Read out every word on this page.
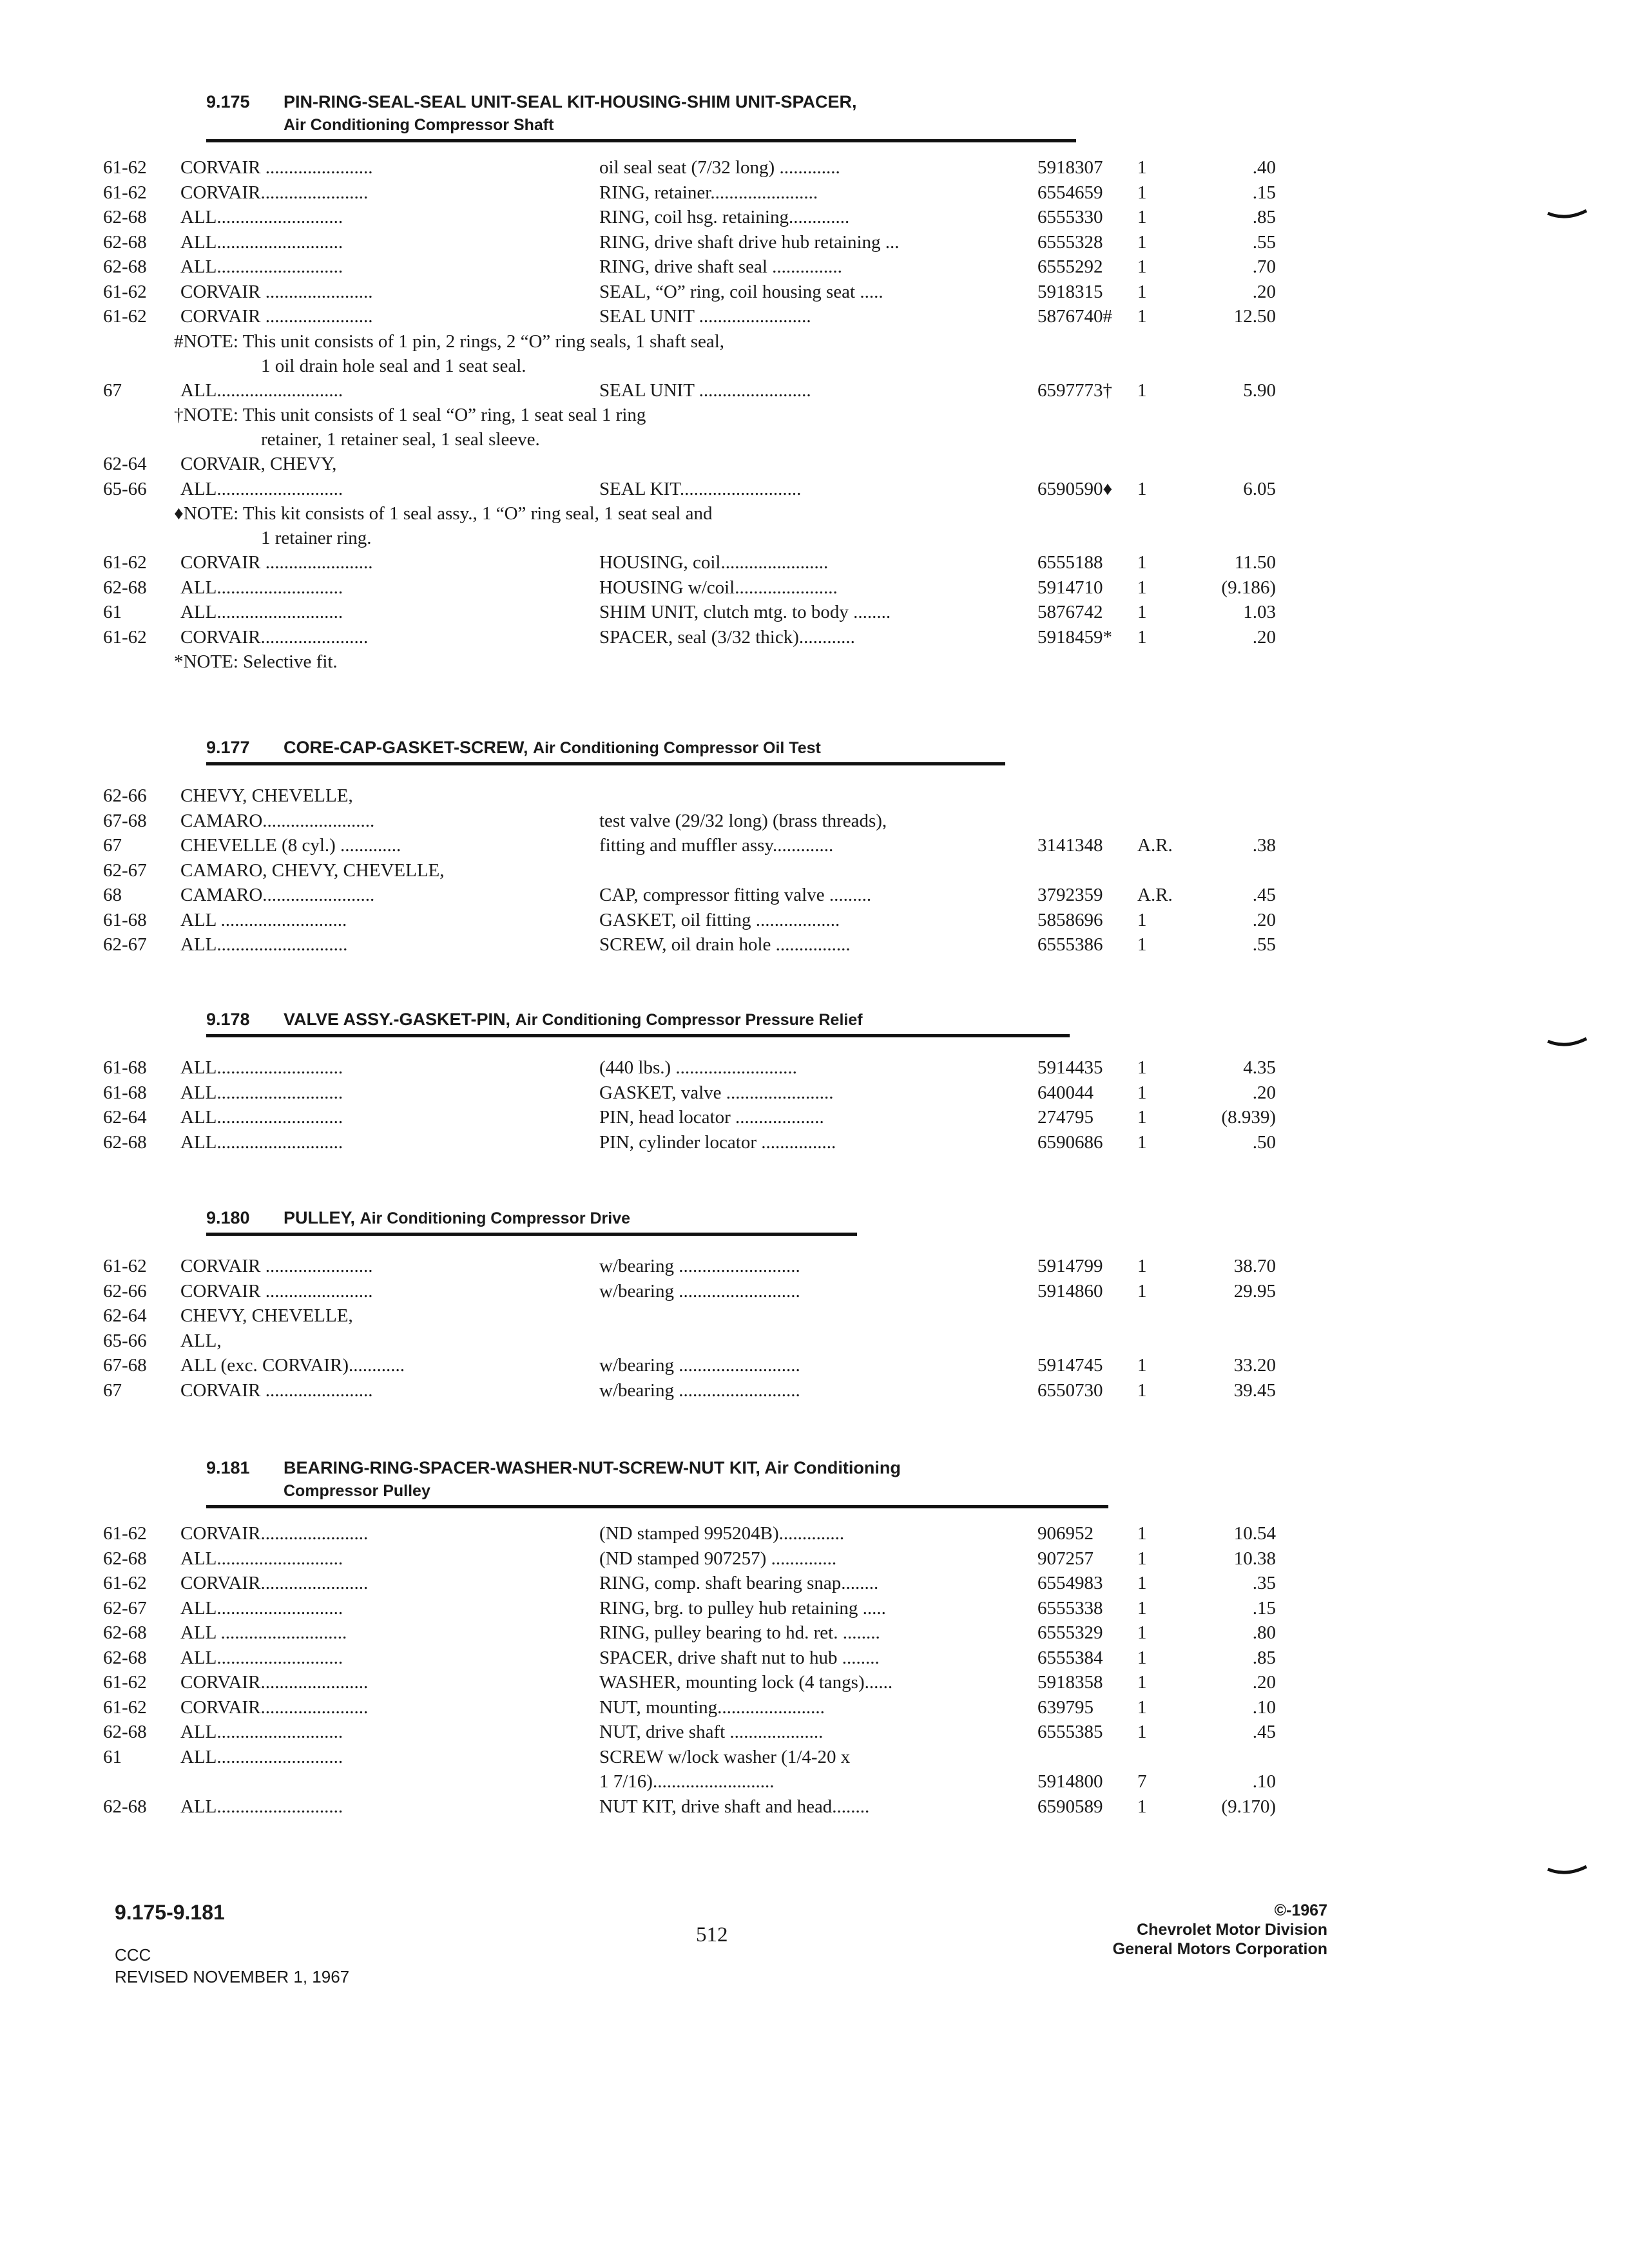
9.175 PIN-RING-SEAL-SEAL UNIT-SEAL KIT-HOUSING-SHIM UNIT-SPACER,
Air Conditioning Compressor Shaft
61-62 CORVAIR .......................	oil seal seat (7/32 long) .............	5918307 1	.40
61-62 CORVAIR.......................	RING, retainer.......................	6554659 1	.15
62-68 ALL...........................	RING, coil hsg. retaining.............	6555330 1	.85
62-68 ALL...........................	RING, drive shaft drive hub retaining ...	6555328 1	.55
62-68 ALL...........................	RING, drive shaft seal ...............	6555292 1	.70
61-62 CORVAIR .......................	SEAL, “O” ring, coil housing seat .....	5918315 1	.20
61-62 CORVAIR .......................	SEAL UNIT ........................	5876740# 1	12.50
#NOTE: This unit consists of 1 pin, 2 rings, 2 “O” ring seals, 1 shaft seal,
1 oil drain hole seal and 1 seat seal.
67	ALL...........................	SEAL UNIT ........................	6597773† 1	5.90
†NOTE: This unit consists of 1 seal “O” ring, 1 seat seal 1 ring
retainer, 1 retainer seal, 1 seal sleeve.
62-64 CORVAIR, CHEVY,
65-66 ALL...........................	SEAL KIT..........................	6590590♦ 1	6.05
♦NOTE: This kit consists of 1 seal assy., 1 “O” ring seal, 1 seat seal and
1 retainer ring.
61-62 CORVAIR .......................	HOUSING, coil.......................	6555188 1	11.50
62-68 ALL...........................	HOUSING w/coil......................	5914710 1	(9.186)
61	ALL...........................	SHIM UNIT, clutch mtg. to body ........	5876742 1	1.03
61-62 CORVAIR.......................	SPACER, seal (3/32 thick)............	5918459* 1	.20
*NOTE: Selective fit.
9.177 CORE-CAP-GASKET-SCREW, Air Conditioning Compressor Oil Test
62-66 CHEVY, CHEVELLE,
67-68 CAMARO........................	test valve (29/32 long) (brass threads),
67	CHEVELLE (8 cyl.) .............	fitting and muffler assy.............	3141348 A.R.	.38
62-67 CAMARO, CHEVY, CHEVELLE,
68	CAMARO........................	CAP, compressor fitting valve .........	3792359 A.R.	.45
61-68 ALL ...........................	GASKET, oil fitting ..................	5858696 1	.20
62-67 ALL............................	SCREW, oil drain hole ................	6555386 1	.55
9.178 VALVE ASSY.-GASKET-PIN, Air Conditioning Compressor Pressure Relief
61-68 ALL...........................	(440 lbs.) ..........................	5914435 1	4.35
61-68 ALL...........................	GASKET, valve .......................	640044 1	.20
62-64 ALL...........................	PIN, head locator ...................	274795 1	(8.939)
62-68 ALL...........................	PIN, cylinder locator ................	6590686 1	.50
9.180 PULLEY, Air Conditioning Compressor Drive
61-62 CORVAIR .......................	w/bearing ..........................	5914799 1	38.70
62-66 CORVAIR .......................	w/bearing ..........................	5914860 1	29.95
62-64 CHEVY, CHEVELLE,
65-66 ALL,
67-68 ALL (exc. CORVAIR)............	w/bearing ..........................	5914745 1	33.20
67	CORVAIR .......................	w/bearing ..........................	6550730 1	39.45
9.181 BEARING-RING-SPACER-WASHER-NUT-SCREW-NUT KIT, Air Conditioning
Compressor Pulley
61-62 CORVAIR.......................	(ND stamped 995204B)..............	906952 1	10.54
62-68 ALL...........................	(ND stamped 907257) ..............	907257 1	10.38
61-62 CORVAIR.......................	RING, comp. shaft bearing snap........	6554983 1	.35
62-67 ALL...........................	RING, brg. to pulley hub retaining .....	6555338 1	.15
62-68 ALL ...........................	RING, pulley bearing to hd. ret. ........	6555329 1	.80
62-68 ALL...........................	SPACER, drive shaft nut to hub ........	6555384 1	.85
61-62 CORVAIR.......................	WASHER, mounting lock (4 tangs)......	5918358 1	.20
61-62 CORVAIR.......................	NUT, mounting.......................	639795 1	.10
62-68 ALL...........................	NUT, drive shaft ....................	6555385 1	.45
61	ALL...........................	SCREW w/lock washer (1/4-20 x
1 7/16)..........................	5914800 7	.10
62-68 ALL...........................	NUT KIT, drive shaft and head........	6590589 1	(9.170)
9.175-9.181
CCC
REVISED NOVEMBER 1, 1967
512
©-1967
Chevrolet Motor Division
General Motors Corporation
